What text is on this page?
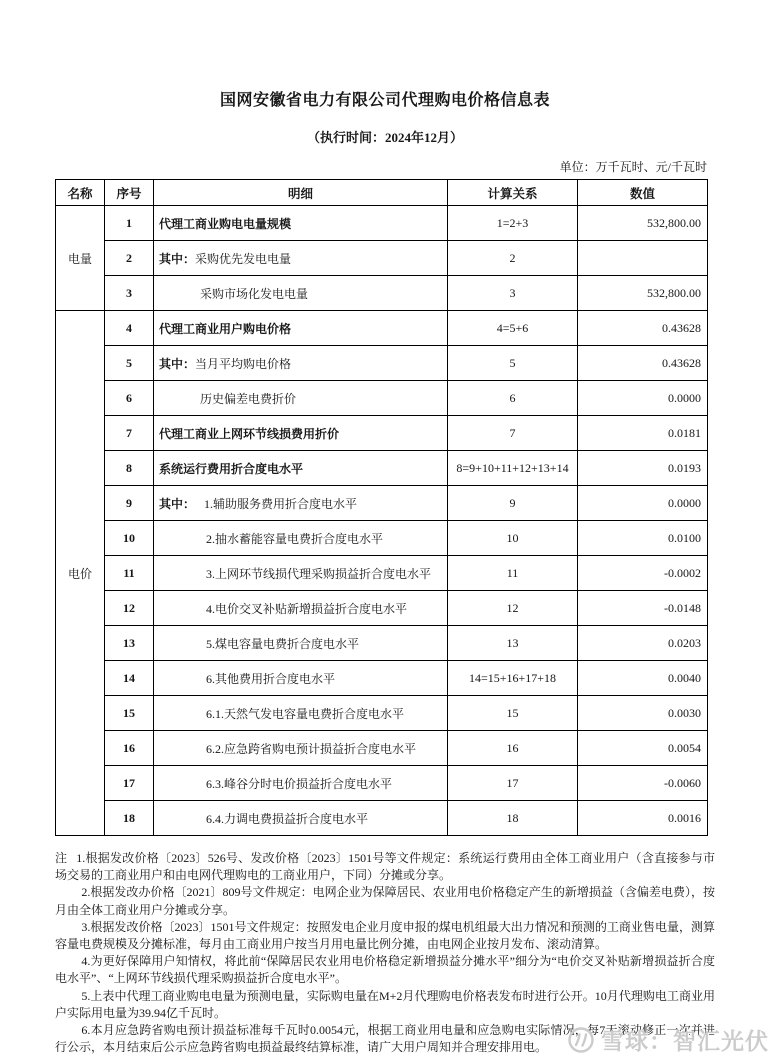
国网安徽省电力有限公司代理购电价格信息表
（执行时间：2024年12月）
单位：万千瓦时、元/千瓦时
名称	序号	明细	计算关系	数值
电量	1	代理工商业购电电量规模	1=2+3	532,800.00
	2	其中：采购优先发电电量	2	
	3	采购市场化发电电量	3	532,800.00
电价	4	代理工商业用户购电价格	4=5+6	0.43628
	5	其中：当月平均购电价格	5	0.43628
	6	历史偏差电费折价	6	0.0000
	7	代理工商业上网环节线损费用折价	7	0.0181
	8	系统运行费用折合度电水平	8=9+10+11+12+13+14	0.0193
	9	其中： 1.辅助服务费用折合度电水平	9	0.0000
	10	2.抽水蓄能容量电费折合度电水平	10	0.0100
	11	3.上网环节线损代理采购损益折合度电水平	11	-0.0002
	12	4.电价交叉补贴新增损益折合度电水平	12	-0.0148
	13	5.煤电容量电费折合度电水平	13	0.0203
	14	6.其他费用折合度电水平	14=15+16+17+18	0.0040
	15	6.1.天然气发电容量电费折合度电水平	15	0.0030
	16	6.2.应急跨省购电预计损益折合度电水平	16	0.0054
	17	6.3.峰谷分时电价损益折合度电水平	17	-0.0060
	18	6.4.力调电费损益折合度电水平	18	0.0016

注 1.根据发改价格〔2023〕526号、发改价格〔2023〕1501号等文件规定：系统运行费用由全体工商业用户（含直接参与市场交易的工商业用户和由电网代理购电的工商业用户，下同）分摊或分享。

2.根据发改办价格〔2021〕809号文件规定：电网企业为保障居民、农业用电价格稳定产生的新增损益（含偏差电费），按月由全体工商业用户分摊或分享。

3.根据发改价格〔2023〕1501号文件规定：按照发电企业月度申报的煤电机组最大出力情况和预测的工商业售电量，测算容量电费规模及分摊标准，每月由工商业用户按当月用电量比例分摊，由电网企业按月发布、滚动清算。

4.为更好保障用户知情权，将此前“保障居民农业用电价格稳定新增损益分摊水平”细分为“电价交叉补贴新增损益折合度电水平”、“上网环节线损代理采购损益折合度电水平”。

5.上表中代理工商业购电电量为预测电量，实际购电量在M+2月代理购电价格表发布时进行公开。10月代理购电工商业用户实际用电量为39.94亿千瓦时。

6.本月应急跨省购电预计损益标准每千瓦时0.0054元，根据工商业用电量和应急购电实际情况，每7天滚动修正一次并进行公示，本月结束后公示应急跨省购电损益最终结算标准，请广大用户周知并合理安排用电。	雪球：智汇光伏
